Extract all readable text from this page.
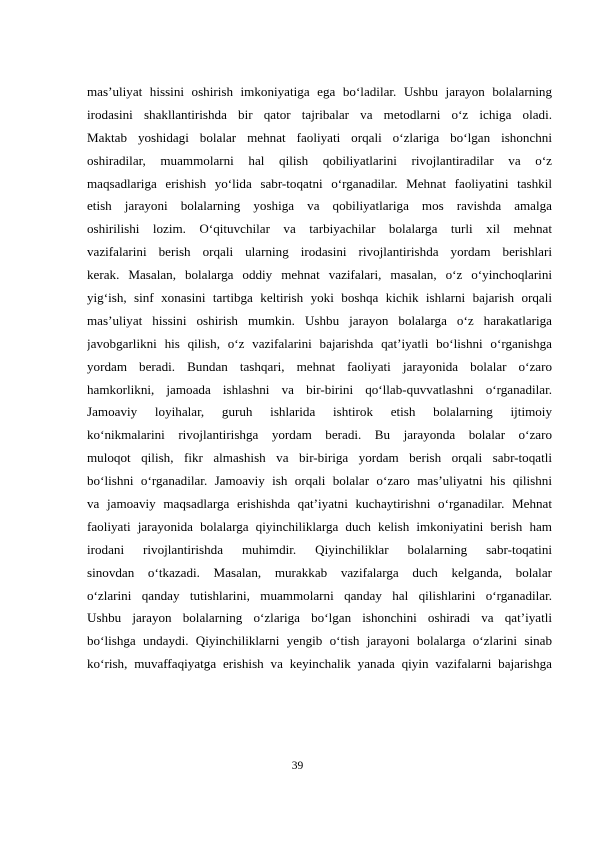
mas’uliyat hissini oshirish imkoniyatiga ega bo‘ladilar. Ushbu jarayon bolalarning
irodasini shakllantirishda bir qator tajribalar va metodlarni o‘z ichiga oladi.
Maktab yoshidagi bolalar mehnat faoliyati orqali o‘zlariga bo‘lgan ishonchni
oshiradilar, muammolarni hal qilish qobiliyatlarini rivojlantiradilar va o‘z
maqsadlariga erishish yo‘lida sabr-toqatni o‘rganadilar. Mehnat faoliyatini tashkil
etish jarayoni bolalarning yoshiga va qobiliyatlariga mos ravishda amalga
oshirilishi lozim. O‘qituvchilar va tarbiyachilar bolalarga turli xil mehnat
vazifalarini berish orqali ularning irodasini rivojlantirishda yordam berishlari
kerak. Masalan, bolalarga oddiy mehnat vazifalari, masalan, o‘z o‘yinchoqlarini
yig‘ish, sinf xonasini tartibga keltirish yoki boshqa kichik ishlarni bajarish orqali
mas’uliyat hissini oshirish mumkin. Ushbu jarayon bolalarga o‘z harakatlariga
javobgarlikni his qilish, o‘z vazifalarini bajarishda qat’iyatli bo‘lishni o‘rganishga
yordam beradi. Bundan tashqari, mehnat faoliyati jarayonida bolalar o‘zaro
hamkorlikni, jamoada ishlashni va bir-birini qo‘llab-quvvatlashni o‘rganadilar.
Jamoaviy loyihalar, guruh ishlarida ishtirok etish bolalarning ijtimoiy
ko‘nikmalarini rivojlantirishga yordam beradi. Bu jarayonda bolalar o‘zaro
muloqot qilish, fikr almashish va bir-biriga yordam berish orqali sabr-toqatli
bo‘lishni o‘rganadilar. Jamoaviy ish orqali bolalar o‘zaro mas’uliyatni his qilishni
va jamoaviy maqsadlarga erishishda qat’iyatni kuchaytirishni o‘rganadilar. Mehnat
faoliyati jarayonida bolalarga qiyinchiliklarga duch kelish imkoniyatini berish ham
irodani rivojlantirishda muhimdir. Qiyinchiliklar bolalarning sabr-toqatini
sinovdan o‘tkazadi. Masalan, murakkab vazifalarga duch kelganda, bolalar
o‘zlarini qanday tutishlarini, muammolarni qanday hal qilishlarini o‘rganadilar.
Ushbu jarayon bolalarning o‘zlariga bo‘lgan ishonchini oshiradi va qat’iyatli
bo‘lishga undaydi. Qiyinchiliklarni yengib o‘tish jarayoni bolalarga o‘zlarini sinab
ko‘rish, muvaffaqiyatga erishish va keyinchalik yanada qiyin vazifalarni bajarishga
39
